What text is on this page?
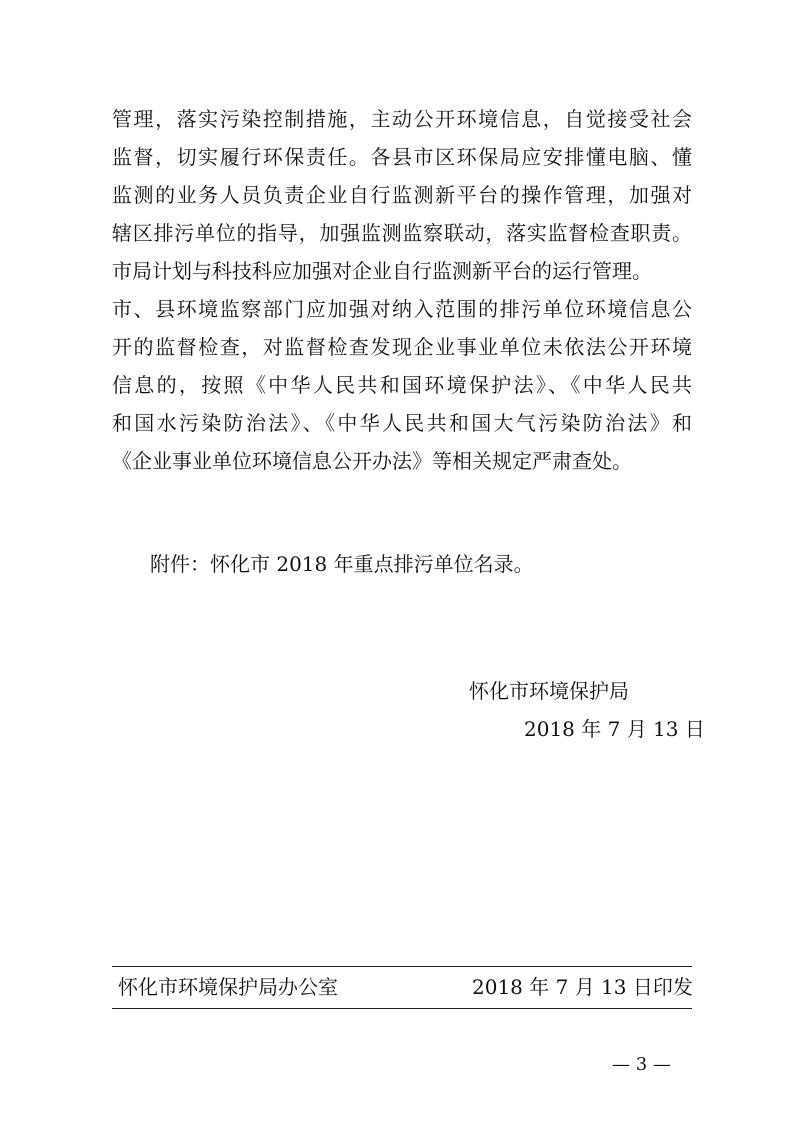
管理，落实污染控制措施，主动公开环境信息，自觉接受社会
监督，切实履行环保责任。各县市区环保局应安排懂电脑、懂
监测的业务人员负责企业自行监测新平台的操作管理，加强对
辖区排污单位的指导，加强监测监察联动，落实监督检查职责。
市局计划与科技科应加强对企业自行监测新平台的运行管理。
市、县环境监察部门应加强对纳入范围的排污单位环境信息公
开的监督检查，对监督检查发现企业事业单位未依法公开环境
信息的，按照《中华人民共和国环境保护法》、《中华人民共
和国水污染防治法》、《中华人民共和国大气污染防治法》和
《企业事业单位环境信息公开办法》等相关规定严肃查处。
附件：怀化市 2018 年重点排污单位名录。
怀化市环境保护局
2018 年 7 月 13 日
怀化市环境保护局办公室	2018 年 7 月 13 日印发
— 3 —
